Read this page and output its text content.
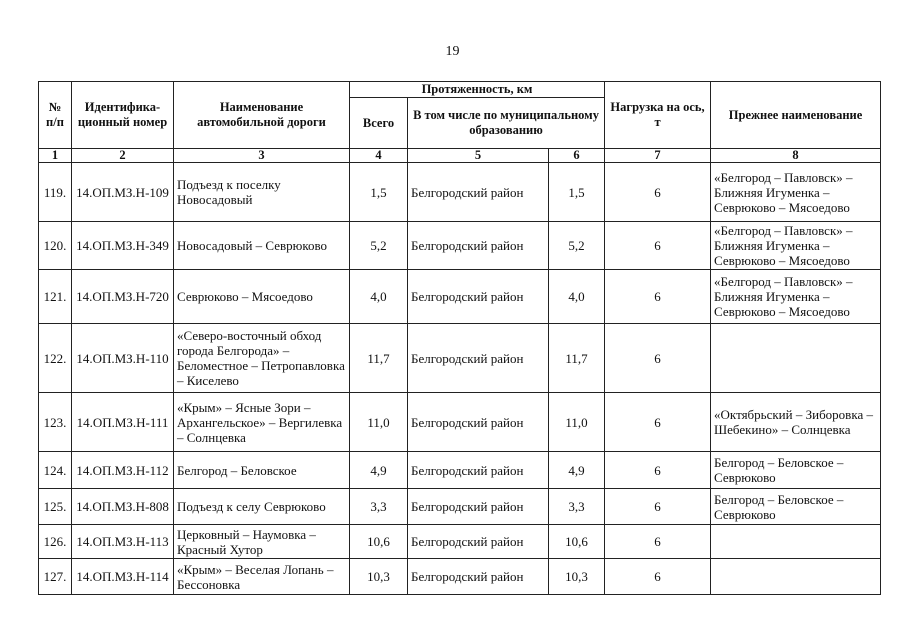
19
№ п/п	Идентифика-ционный номер	Наименование автомобильной дороги	Протяженность, км			Нагрузка на ось, т	Прежнее наименование
			Всего	В том числе по муниципальному образованию			
1	2	3	4	5	6	7	8
119.	14.ОП.МЗ.Н-109	Подъезд к поселку Новосадовый	1,5	Белгородский район	1,5	6	«Белгород – Павловск» – Ближняя Игуменка – Севрюково – Мясоедово
120.	14.ОП.МЗ.Н-349	Новосадовый – Севрюково	5,2	Белгородский район	5,2	6	«Белгород – Павловск» – Ближняя Игуменка – Севрюково – Мясоедово
121.	14.ОП.МЗ.Н-720	Севрюково – Мясоедово	4,0	Белгородский район	4,0	6	«Белгород – Павловск» – Ближняя Игуменка – Севрюково – Мясоедово
122.	14.ОП.МЗ.Н-110	«Северо-восточный обход города Белгорода» – Беломестное – Петропавловка – Киселево	11,7	Белгородский район	11,7	6	
123.	14.ОП.МЗ.Н-111	«Крым» – Ясные Зори – Архангельское» – Вергилевка – Солнцевка	11,0	Белгородский район	11,0	6	«Октябрьский – Зиборовка – Шебекино» – Солнцевка
124.	14.ОП.МЗ.Н-112	Белгород – Беловское	4,9	Белгородский район	4,9	6	Белгород – Беловское – Севрюково
125.	14.ОП.МЗ.Н-808	Подъезд к селу Севрюково	3,3	Белгородский район	3,3	6	Белгород – Беловское – Севрюково
126.	14.ОП.МЗ.Н-113	Церковный – Наумовка – Красный Хутор	10,6	Белгородский район	10,6	6	
127.	14.ОП.МЗ.Н-114	«Крым» – Веселая Лопань – Бессоновка	10,3	Белгородский район	10,3	6	
